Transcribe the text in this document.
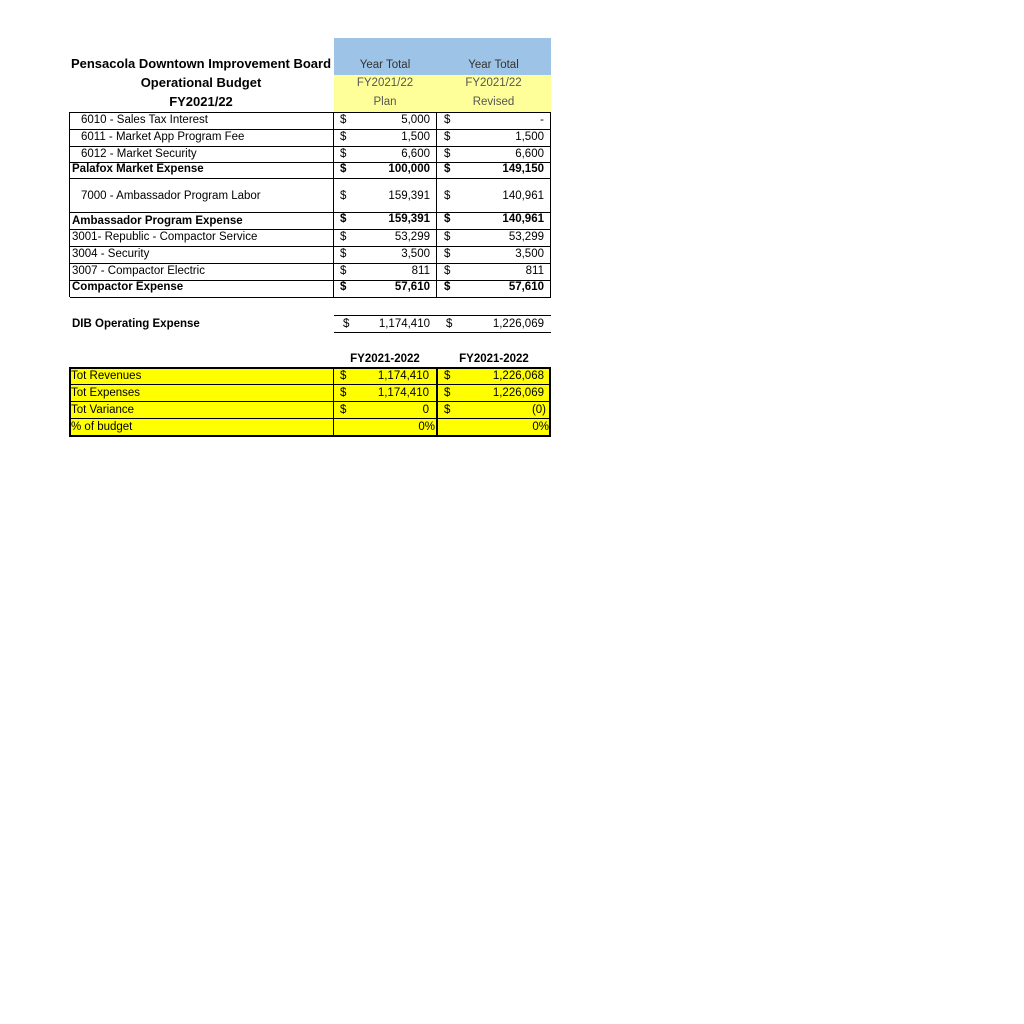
Pensacola Downtown Improvement Board
Operational Budget
FY2021/22
Year Total
FY2021/22
Plan
Year Total
FY2021/22
Revised
6010 - Sales Tax Interest	$	5,000 $	-
6011 - Market App Program Fee	$	1,500 $	1,500
6012 - Market Security	$	6,600 $	6,600
Palafox Market Expense	$	100,000 $	149,150
7000 - Ambassador Program Labor	$	159,391 $	140,961
Ambassador Program Expense	$	159,391 $	140,961
3001- Republic - Compactor Service	$	53,299 $	53,299
3004 - Security	$	3,500 $	3,500
3007 - Compactor Electric	$	811 $	811
Compactor Expense	$	57,610 $	57,610
DIB Operating Expense	$	1,174,410 $	1,226,069
FY2021-2022	FY2021-2022
Tot Revenues	$	1,174,410 $	1,226,068
Tot Expenses	$	1,174,410 $	1,226,069
Tot Variance	$	0 $	(0)
% of budget	0%	0%
